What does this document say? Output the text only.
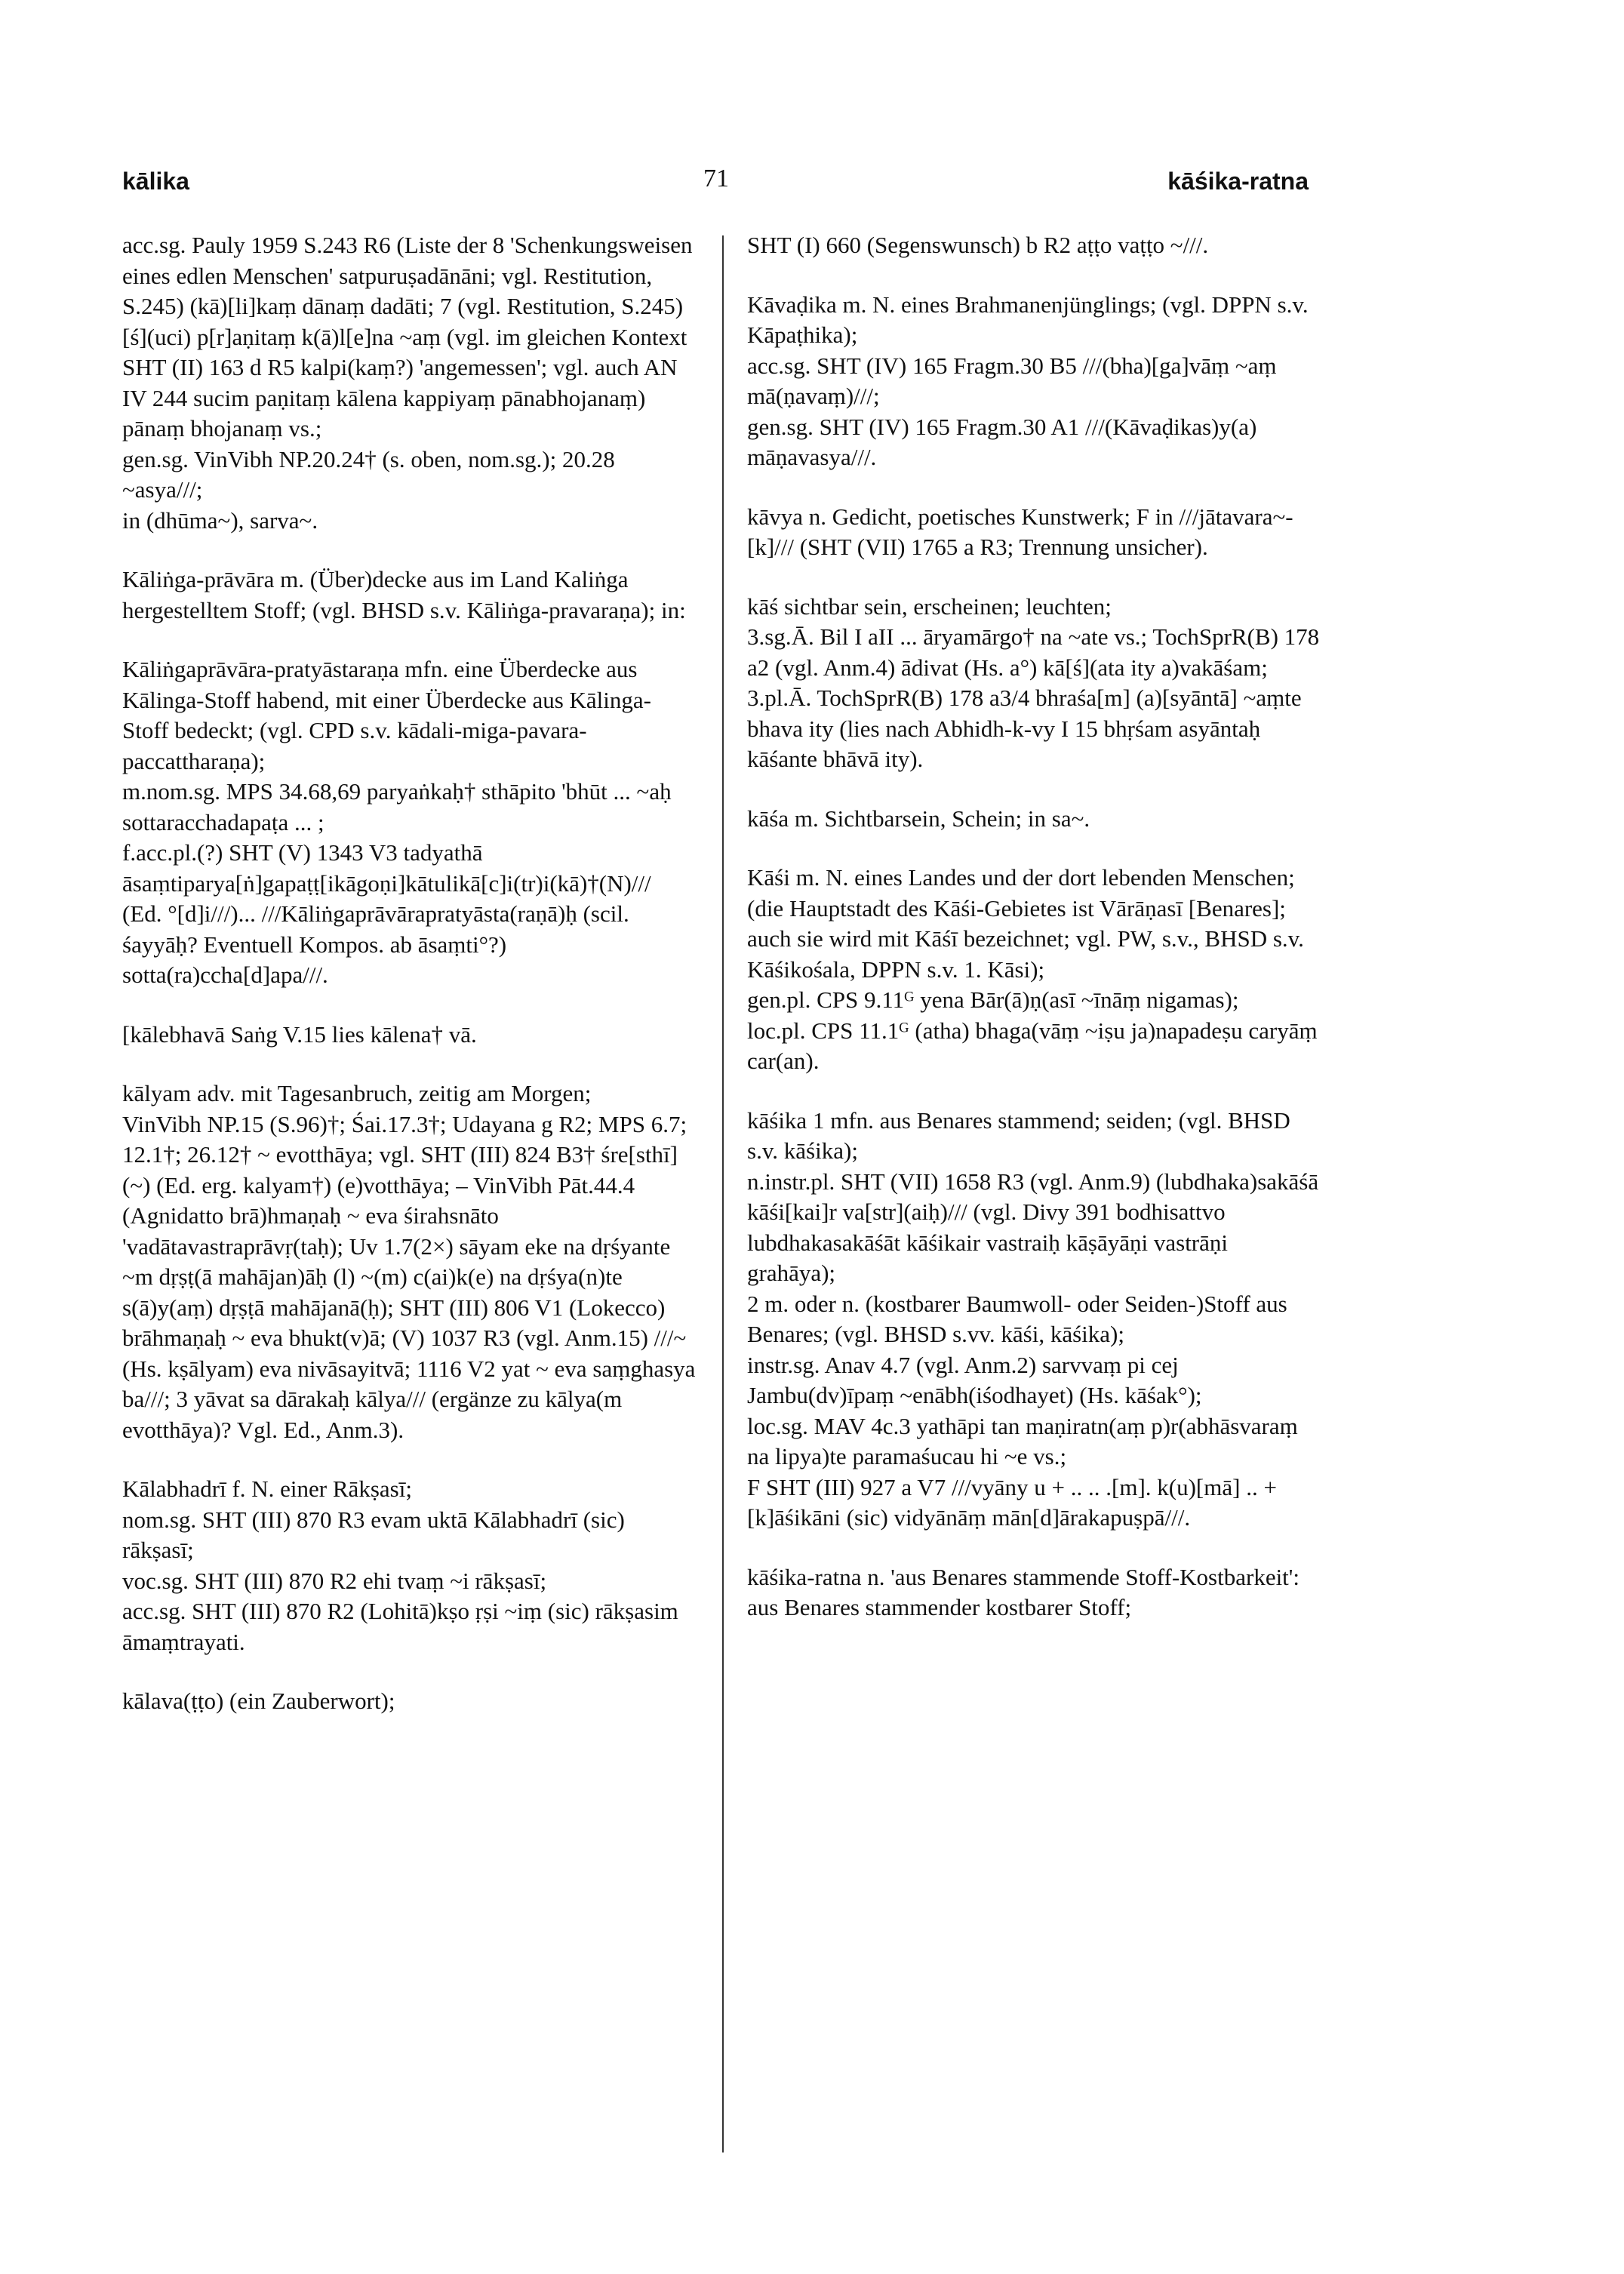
kālika	71	kāśika-ratna

acc.sg. Pauly 1959 S.243 R6 (Liste der 8 'Schenkungsweisen eines edlen Menschen' satpuruṣadānāni; vgl. Restitution, S.245) (kā)[li]kaṃ dānaṃ dadāti; 7 (vgl. Restitution, S.245) [ś](uci) p[r]aṇitaṃ k(ā)l[e]na ~aṃ (vgl. im gleichen Kontext SHT (II) 163 d R5 kalpi(kaṃ?) 'angemessen'; vgl. auch AN IV 244 sucim paṇitaṃ kālena kappiyaṃ pānabhojanaṃ) pānaṃ bhojanaṃ vs.;

gen.sg. VinVibh NP.20.24† (s. oben, nom.sg.); 20.28 ~asya///;

in (dhūma~), sarva~.

Kāliṅga-prāvāra m. (Über)decke aus im Land Kaliṅga hergestelltem Stoff; (vgl. BHSD s.v. Kāliṅga-pravaraṇa); in:

Kāliṅgaprāvāra-pratyāstaraṇa mfn. eine Überdecke aus Kālinga-Stoff habend, mit einer Überdecke aus Kālinga-Stoff bedeckt; (vgl. CPD s.v. kādali-miga-pavara-paccattharaṇa);

m.nom.sg. MPS 34.68,69 paryaṅkaḥ† sthāpito 'bhūt ... ~aḥ sottaracchadapaṭa ... ;

f.acc.pl.(?) SHT (V) 1343 V3 tadyathā āsaṃtiparya[ṅ]gapaṭṭ[ikāgoṇi]kātulikā[c]i(tr)i(kā)†(N)/// (Ed. °[d]i///)... ///Kāliṅgaprāvārapratyāsta(raṇā)ḥ (scil. śayyāḥ? Eventuell Kompos. ab āsaṃti°?) sotta(ra)ccha[d]apa///.

[kālebhavā Saṅg V.15 lies kālena† vā.

kālyam adv. mit Tagesanbruch, zeitig am Morgen;

VinVibh NP.15 (S.96)†; Śai.17.3†; Udayana g R2; MPS 6.7; 12.1†; 26.12† ~ evotthāya; vgl. SHT (III) 824 B3† śre[sthī] (~) (Ed. erg. kalyam†) (e)votthāya; – VinVibh Pāt.44.4 (Agnidatto brā)hmaṇaḥ ~ eva śirahsnāto 'vadātavastraprāvṛ(taḥ); Uv 1.7(2×) sāyam eke na dṛśyante ~m dṛṣṭ(ā mahājan)āḥ (l) ~(m) c(ai)k(e) na dṛśya(n)te s(ā)y(aṃ) dṛṣṭā mahājanā(ḥ); SHT (III) 806 V1 (Lokecco) brāhmaṇaḥ ~ eva bhukt(v)ā; (V) 1037 R3 (vgl. Anm.15) ///~ (Hs. kṣālyam) eva nivāsayitvā; 1116 V2 yat ~ eva saṃghasya ba///; 3 yāvat sa dārakaḥ kālya/// (ergänze zu kālya(m evotthāya)? Vgl. Ed., Anm.3).

Kālabhadrī f. N. einer Rākṣasī;

nom.sg. SHT (III) 870 R3 evam uktā Kālabhadrī (sic) rākṣasī;

voc.sg. SHT (III) 870 R2 ehi tvaṃ ~i rākṣasī;

acc.sg. SHT (III) 870 R2 (Lohitā)kṣo ṛṣi ~iṃ (sic) rākṣasim āmaṃtrayati.

kālava(ṭṭo) (ein Zauberwort);

SHT (I) 660 (Segenswunsch) b R2 aṭṭo vaṭṭo ~///.

Kāvaḍika m. N. eines Brahmanenjünglings; (vgl. DPPN s.v. Kāpaṭhika);

acc.sg. SHT (IV) 165 Fragm.30 B5 ///(bha)[ga]vāṃ ~aṃ mā(ṇavaṃ)///;

gen.sg. SHT (IV) 165 Fragm.30 A1 ///(Kāvaḍikas)y(a) māṇavasya///.

kāvya n. Gedicht, poetisches Kunstwerk; F in ///jātavara~-[k]/// (SHT (VII) 1765 a R3; Trennung unsicher).

kāś sichtbar sein, erscheinen; leuchten;

3.sg.Ā. Bil I aII ... āryamārgo† na ~ate vs.; TochSprR(B) 178 a2 (vgl. Anm.4) ādivat (Hs. a°) kā[ś](ata ity a)vakāśam;

3.pl.Ā. TochSprR(B) 178 a3/4 bhraśa[m] (a)[syāntā] ~aṃte bhava ity (lies nach Abhidh-k-vy I 15 bhṛśam asyāntaḥ kāśante bhāvā ity).

kāśa m. Sichtbarsein, Schein; in sa~.

Kāśi m. N. eines Landes und der dort lebenden Menschen; (die Hauptstadt des Kāśi-Gebietes ist Vārāṇasī [Benares]; auch sie wird mit Kāśī bezeichnet; vgl. PW, s.v., BHSD s.v. Kāśikośala, DPPN s.v. 1. Kāsi);

gen.pl. CPS 9.11ᴳ yena Bār(ā)ṇ(asī ~īnāṃ nigamas);

loc.pl. CPS 11.1ᴳ (atha) bhaga(vāṃ ~iṣu ja)napadeṣu caryāṃ car(an).

kāśika 1 mfn. aus Benares stammend; seiden; (vgl. BHSD s.v. kāśika);

n.instr.pl. SHT (VII) 1658 R3 (vgl. Anm.9) (lubdhaka)sakāśā kāśi[kai]r va[str](aiḥ)/// (vgl. Divy 391 bodhisattvo lubdhakasakāśāt kāśikair vastraiḥ kāṣāyāṇi vastrāṇi grahāya);

2 m. oder n. (kostbarer Baumwoll- oder Seiden-)Stoff aus Benares; (vgl. BHSD s.vv. kāśi, kāśika);

instr.sg. Anav 4.7 (vgl. Anm.2) sarvvaṃ pi cej Jambu(dv)īpaṃ ~enābh(iśodhayet) (Hs. kāśak°);

loc.sg. MAV 4c.3 yathāpi tan maṇiratn(aṃ p)r(abhāsvaraṃ na lipya)te paramaśucau hi ~e vs.;

F SHT (III) 927 a V7 ///vyāny u + .. .. .[m]. k(u)[mā] .. + [k]āśikāni (sic) vidyānāṃ mān[d]ārakapuṣpā///.

kāśika-ratna n. 'aus Benares stammende Stoff-Kostbarkeit': aus Benares stammender kostbarer Stoff;
